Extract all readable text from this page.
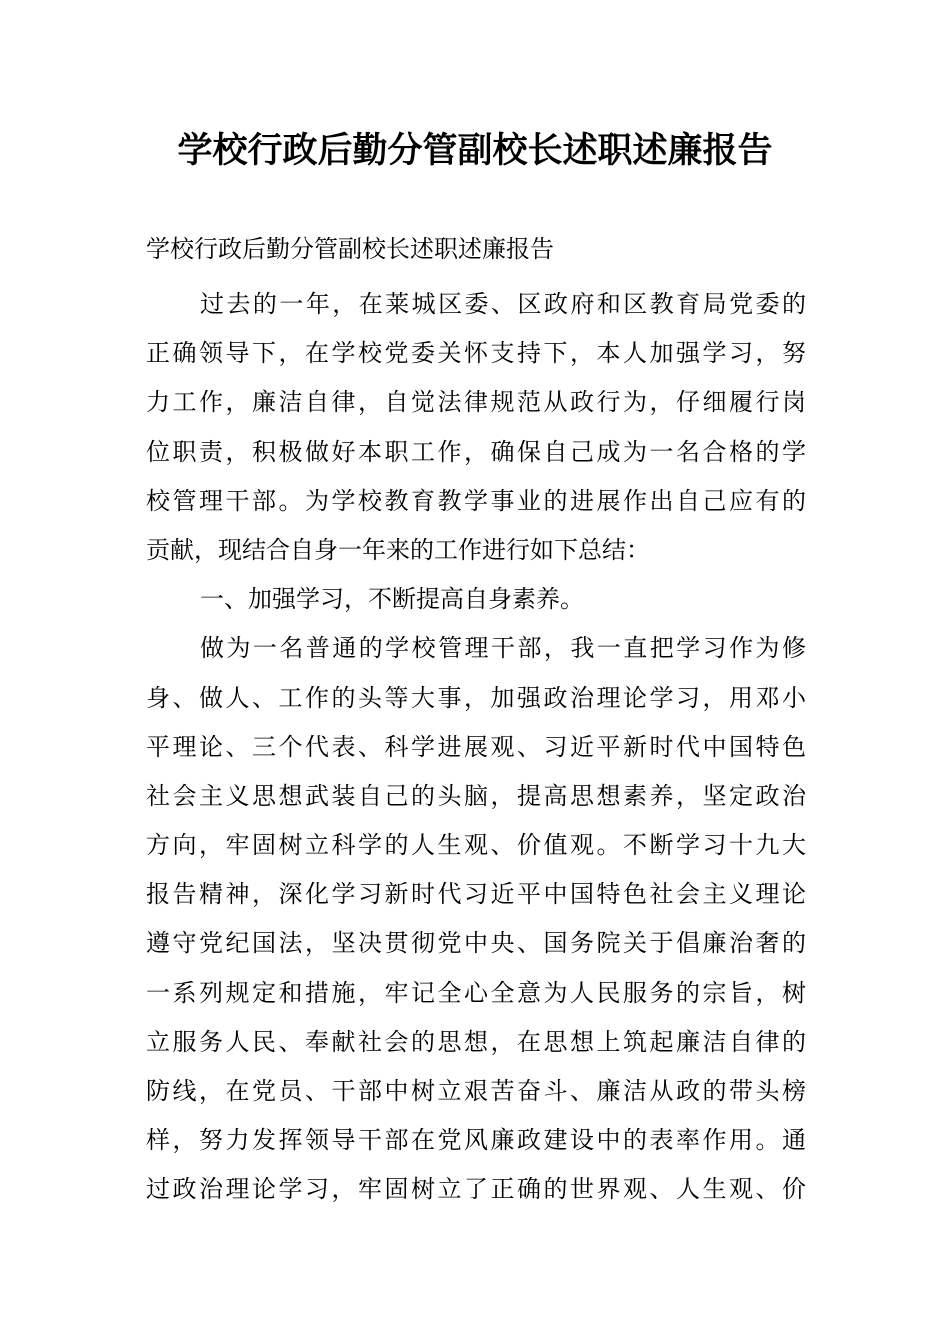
学校行政后勤分管副校长述职述廉报告
学校行政后勤分管副校长述职述廉报告
过去的一年，在莱城区委、区政府和区教育局党委的
正确领导下，在学校党委关怀支持下，本人加强学习，努
力工作，廉洁自律，自觉法律规范从政行为，仔细履行岗
位职责，积极做好本职工作，确保自己成为一名合格的学
校管理干部。为学校教育教学事业的进展作出自己应有的
贡献，现结合自身一年来的工作进行如下总结：
一、加强学习，不断提高自身素养。
做为一名普通的学校管理干部，我一直把学习作为修
身、做人、工作的头等大事，加强政治理论学习，用邓小
平理论、三个代表、科学进展观、习近平新时代中国特色
社会主义思想武装自己的头脑，提高思想素养，坚定政治
方向，牢固树立科学的人生观、价值观。不断学习十九大
报告精神，深化学习新时代习近平中国特色社会主义理论
遵守党纪国法，坚决贯彻党中央、国务院关于倡廉治奢的
一系列规定和措施，牢记全心全意为人民服务的宗旨，树
立服务人民、奉献社会的思想，在思想上筑起廉洁自律的
防线，在党员、干部中树立艰苦奋斗、廉洁从政的带头榜
样，努力发挥领导干部在党风廉政建设中的表率作用。通
过政治理论学习，牢固树立了正确的世界观、人生观、价
